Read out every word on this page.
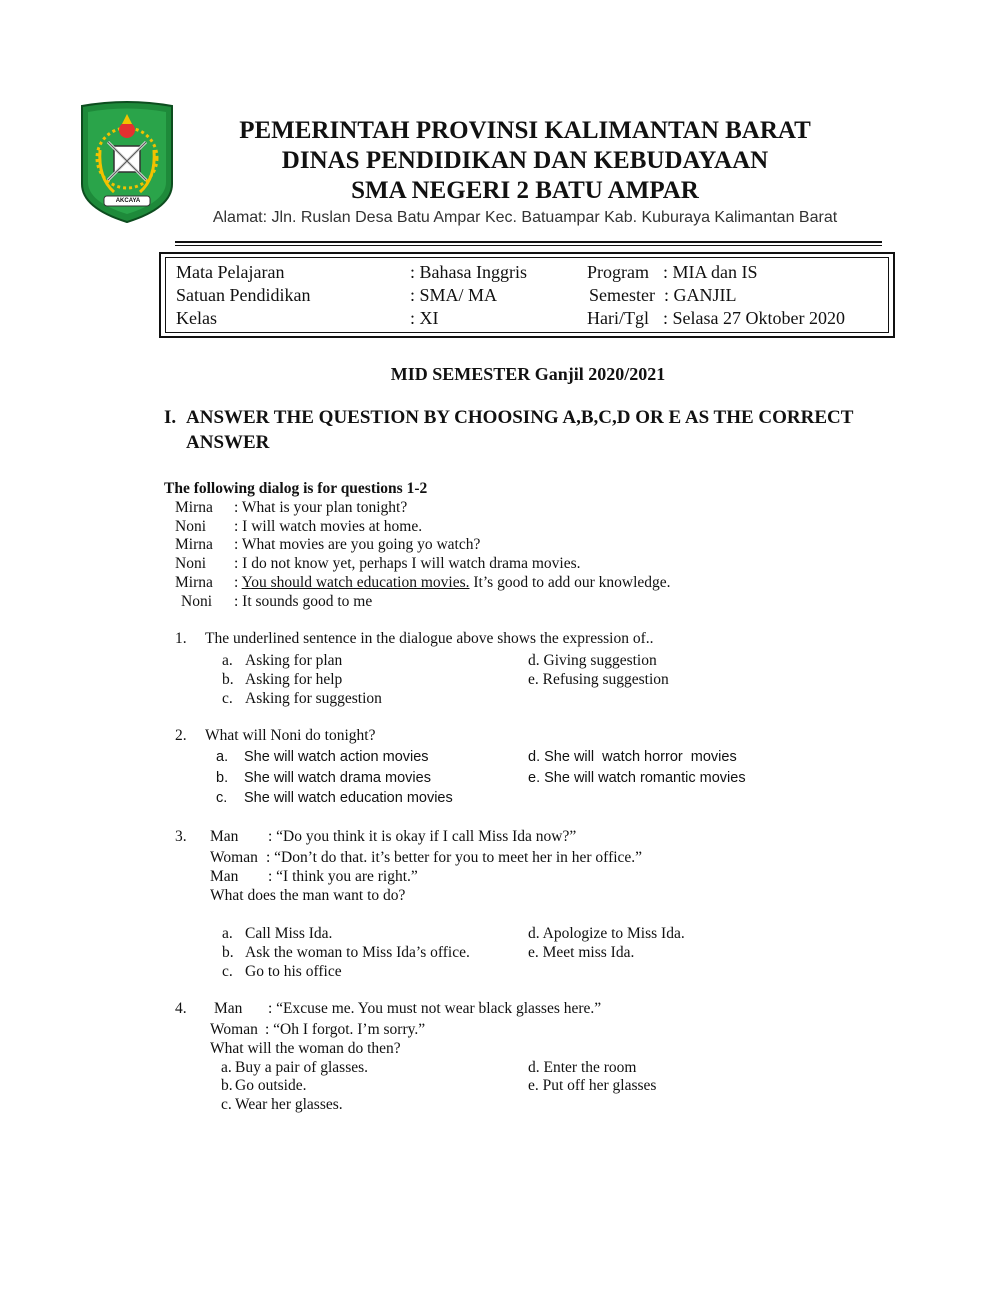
AKCAYA
PEMERINTAH PROVINSI KALIMANTAN BARAT
DINAS PENDIDIKAN DAN KEBUDAYAAN
SMA NEGERI 2 BATU AMPAR
Alamat: Jln. Ruslan Desa Batu Ampar Kec. Batuampar Kab. Kuburaya Kalimantan Barat
Mata Pelajaran	: Bahasa Inggris	Program : MIA dan IS
Satuan Pendidikan	: SMA/ MA	Semester : GANJIL
Kelas	: XI	Hari/Tgl : Selasa 27 Oktober 2020
MID SEMESTER Ganjil 2020/2021
I. ANSWER THE QUESTION BY CHOOSING A,B,C,D OR E AS THE CORRECT
ANSWER
The following dialog is for questions 1-2
Mirna : What is your plan tonight?
Noni : I will watch movies at home.
Mirna : What movies are you going yo watch?
Noni : I do not know yet, perhaps I will watch drama movies.
Mirna : You should watch education movies. It’s good to add our knowledge.
Noni : It sounds good to me
1. The underlined sentence in the dialogue above shows the expression of..
a. Asking for plan
b. Asking for help
c. Asking for suggestion
d. Giving suggestion
e. Refusing suggestion
2. What will Noni do tonight?
a. She will watch action movies
b. She will watch drama movies
c. She will watch education movies
d. She will  watch horror  movies
e. She will watch romantic movies
3. Man : “Do you think it is okay if I call Miss Ida now?”
Woman : “Don’t do that. it’s better for you to meet her in her office.”
Man : “I think you are right.”
What does the man want to do?
a. Call Miss Ida.
b. Ask the woman to Miss Ida’s office.
c. Go to his office
d. Apologize to Miss Ida.
e. Meet miss Ida.
4. Man : “Excuse me. You must not wear black glasses here.”
Woman : “Oh I forgot. I’m sorry.”
What will the woman do then?
a. Buy a pair of glasses.
b. Go outside.
c. Wear her glasses.
d. Enter the room
e. Put off her glasses
